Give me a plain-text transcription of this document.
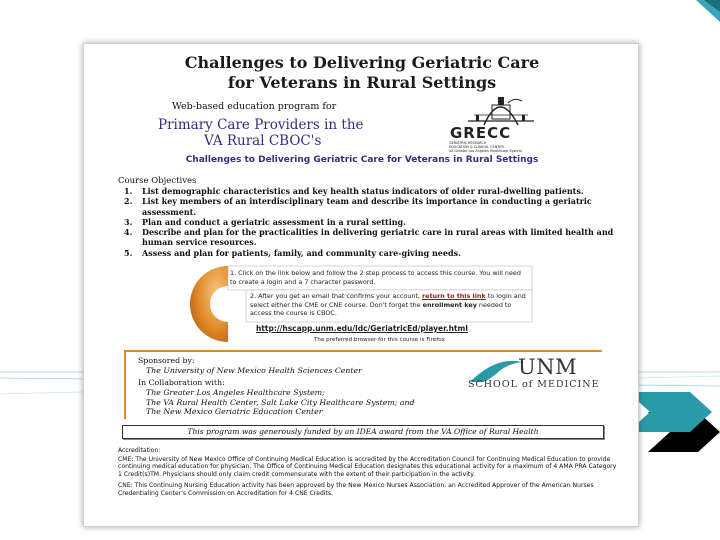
Challenges to Delivering Geriatric Care
for Veterans in Rural Settings
Web-based education program for
Primary Care Providers in the
VA Rural CBOC's	GRECC
GERIATRIC RESEARCH
EDUCATION & CLINICAL CENTER
VA Greater Los Angeles Healthcare System
Challenges to Delivering Geriatric Care for Veterans in Rural Settings
Course Objectives
1. List demographic characteristics and key health status indicators of older rural-dwelling patients.
2. List key members of an interdisciplinary team and describe its importance in conducting a geriatric assessment.
3. Plan and conduct a geriatric assessment in a rural setting.
4. Describe and plan for the practicalities in delivering geriatric care in rural areas with limited health and human service resources.
5. Assess and plan for patients, family, and community care-giving needs.
1. Click on the link below and follow the 2 step process to access this course. You will need to create a login and a 7 character password.
2. After you get an email that confirms your account, return to this link to login and select either the CME or CNE course. Don't forget the enrollment key needed to access the course is CBOC.
http://hscapp.unm.edu/ldc/GeriatricEd/player.html
The preferred browser for this course is Firefox
Sponsored by:
The University of New Mexico Health Sciences Center
In Collaboration with:
The Greater Los Angeles Healthcare System;
The VA Rural Health Center, Salt Lake City Healthcare System; and
The New Mexico Geriatric Education Center
UNM
SCHOOL of MEDICINE
This program was generously funded by an IDEA award from the VA Office of Rural Health

Accreditation:

CME: The University of New Mexico Office of Continuing Medical Education is accredited by the Accreditation Council for Continuing Medical Education to provide continuing medical education for physician. The Office of Continuing Medical Education designates this educational activity for a maximum of 4 AMA PRA Category 1 Credit(s)TM. Physicians should only claim credit commensurate with the extent of their participation in the activity.

CNE: This Continuing Nursing Education activity has been approved by the New Mexico Nurses Association, an Accredited Approver of the American Nurses Credentialing Center's Commission on Accreditation for 4 CNE Credits.
